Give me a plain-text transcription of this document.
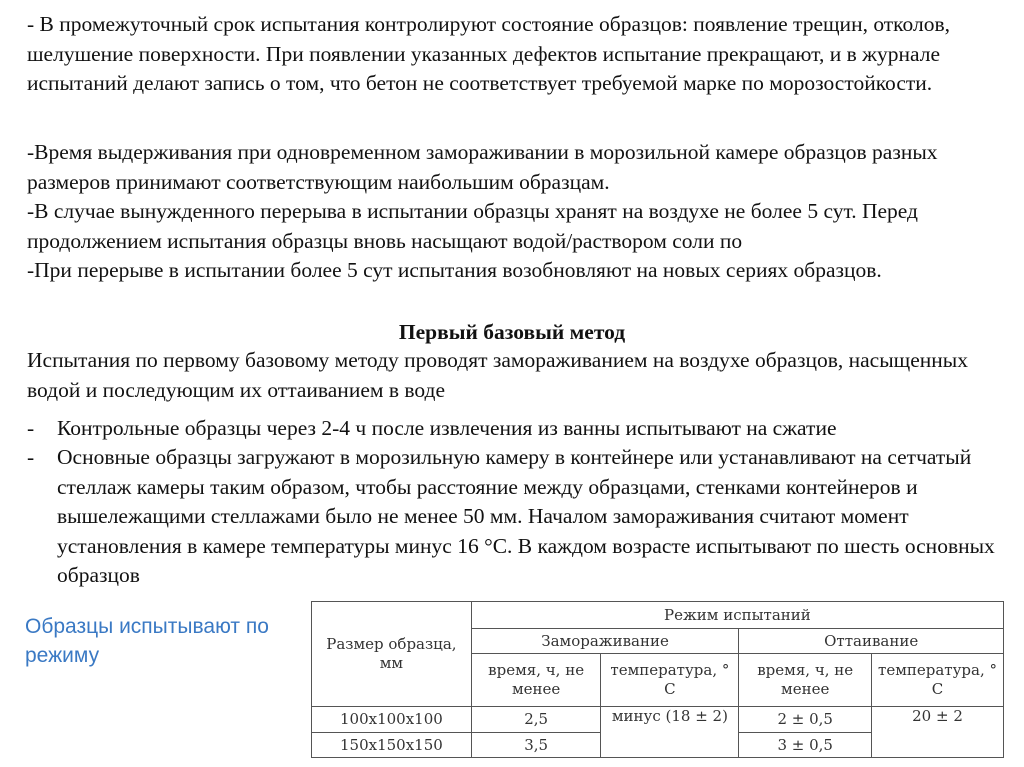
- В промежуточный срок испытания контролируют состояние образцов: появление трещин, отколов, шелушение поверхности. При появлении указанных дефектов испытание прекращают, и в журнале испытаний делают запись о том, что бетон не соответствует требуемой марке по морозостойкости.

-Время выдерживания при одновременном замораживании в морозильной камере образцов разных размеров принимают соответствующим наибольшим образцам.

-В случае вынужденного перерыва в испытании образцы хранят на воздухе не более 5 сут. Перед продолжением испытания образцы вновь насыщают водой/раствором соли по

-При перерыве в испытании более 5 сут испытания возобновляют на новых сериях образцов.

Первый базовый метод

Испытания по первому базовому методу проводят замораживанием на воздухе образцов, насыщенных водой и последующим их оттаиванием в воде

- Контрольные образцы через 2-4 ч после извлечения из ванны испытывают на сжатие
- Основные образцы загружают в морозильную камеру в контейнере или устанавливают на сетчатый стеллаж камеры таким образом, чтобы расстояние между образцами, стенками контейнеров и вышележащими стеллажами было не менее 50 мм. Началом замораживания считают момент установления в камере температуры минус 16 °С. В каждом возрасте испытывают по шесть основных образцов
Образцы испытывают по режиму	Размер образца, мм	Режим испытаний			
	Замораживание		Оттаивание	
	время, ч, не менее	температура, ° С	время, ч, не менее	температура, ° С
100x100x100	2,5	минус (18 ± 2)	2 ± 0,5	20 ± 2
150x150x150	3,5		3 ± 0,5	
